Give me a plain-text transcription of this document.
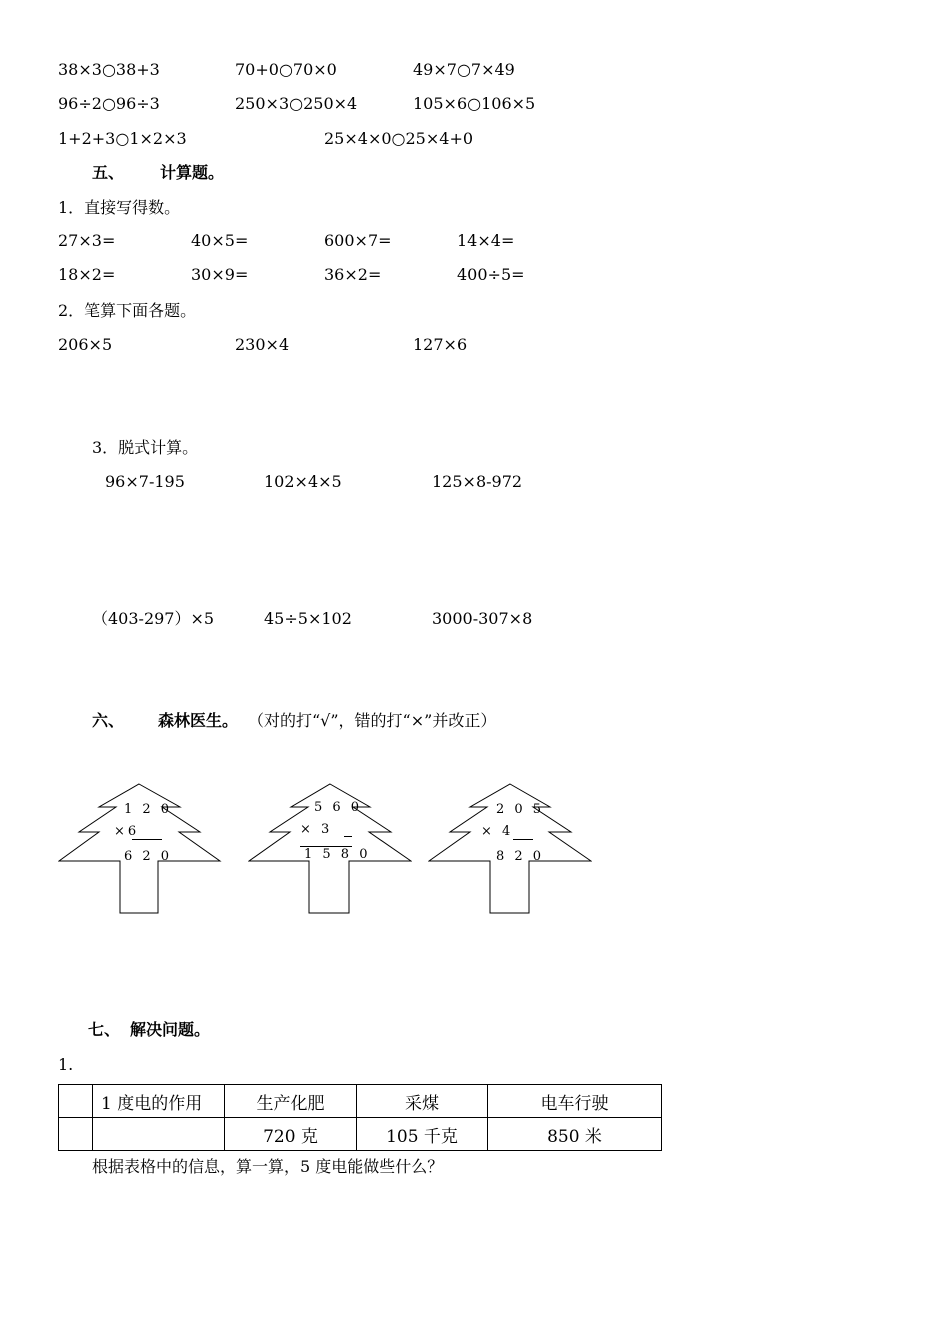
38×3○38+3	70+0○70×0	49×7○7×49
96÷2○96÷3	250×3○250×4	105×6○106×5
1+2+3○1×2×3	25×4×0○25×4+0
五、 计算题。
1．直接写得数。
27×3=	40×5=	600×7=	14×4=
18×2=	30×9=	36×2=	400÷5=
2．笔算下面各题。
206×5	230×4	127×6
3．脱式计算。
96×7-195	102×4×5	125×8-972
（403-297）×5	45÷5×102	3000-307×8
六、 森林医生。 （对的打“√”，错的打“×”并改正）
1 2 0
×6
6 2 0
5 6 0
× 3
1 5 8 0
2 0 5
× 4
8 2 0
七、 解决问题。
1.
	1 度电的作用	生产化肥	采煤	电车行驶
		720 克	105 千克	850 米
根据表格中的信息，算一算，5 度电能做些什么？
